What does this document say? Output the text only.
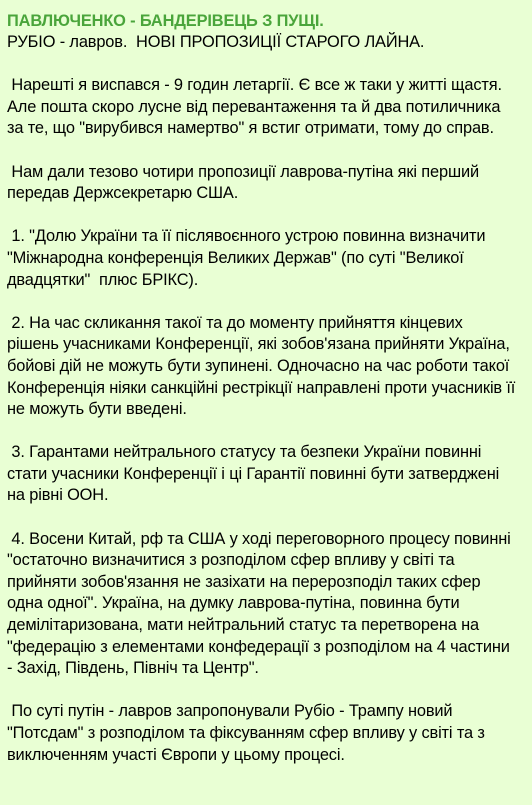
ПАВЛЮЧЕНКО - БАНДЕРІВЕЦЬ З ПУЩІ.
РУБІО - лавров.  НОВІ ПРОПОЗИЦІЇ СТАРОГО ЛАЙНА.
Нарешті я виспався - 9 годин летаргії. Є все ж таки у житті щастя. Але пошта скоро лусне від перевантаження та й два потиличника за те, що "вирубився намертво" я встиг отримати, тому до справ.
Нам дали тезово чотири пропозиції лаврова-путіна які перший передав Держсекретарю США.
1. "Долю України та її післявоєнного устрою повинна визначити "Міжнародна конференція Великих Держав" (по суті "Великої двадцятки"  плюс БРІКС).
2. На час скликання такої та до моменту прийняття кінцевих рішень учасниками Конференції, які зобов'язана прийняти Україна, бойові дій не можуть бути зупинені. Одночасно на час роботи такої Конференція ніяки санкційні рестрікції направлені проти учасників її не можуть бути введені.
3. Гарантами нейтрального статусу та безпеки України повинні стати учасники Конференції і ці Гарантії повинні бути затверджені на рівні ООН.
4. Восени Китай, рф та США у ході переговорного процесу повинні "остаточно визначитися з розподілом сфер впливу у світі та прийняти зобов'язання не зазіхати на перерозподіл таких сфер одна одної". Україна, на думку лаврова-путіна, повинна бути демілітаризована, мати нейтральний статус та перетворена на "федерацію з елементами конфедерації з розподілом на 4 частини - Захід, Південь, Північ та Центр".
По суті путін - лавров запропонували Рубіо - Трампу новий "Потсдам" з розподілом та фіксуванням сфер впливу у світі та з виключенням участі Європи у цьому процесі.
